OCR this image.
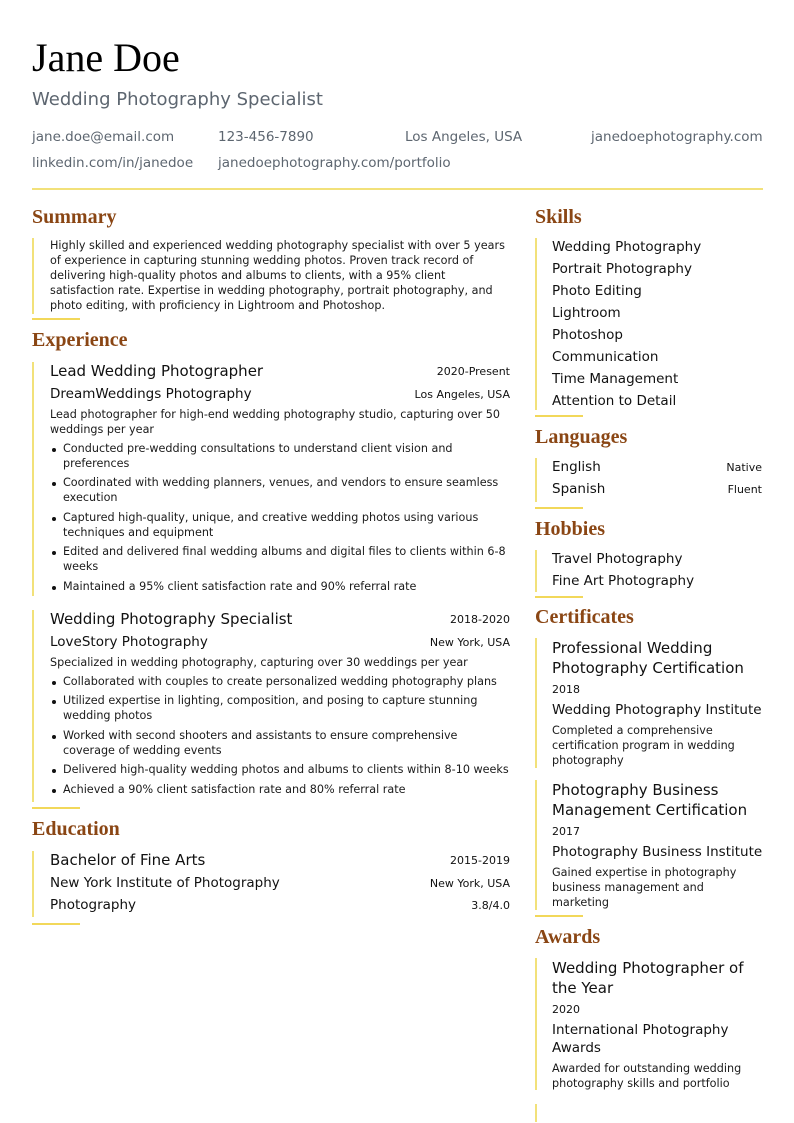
Jane Doe
Wedding Photography Specialist
jane.doe@email.com	123-456-7890	Los Angeles, USA	janedoephotography.com
linkedin.com/in/janedoe janedoephotography.com/portfolio
Summary

Highly skilled and experienced wedding photography specialist with over 5 years of experience in capturing stunning wedding photos. Proven track record of delivering high-quality photos and albums to clients, with a 95% client satisfaction rate. Expertise in wedding photography, portrait photography, and photo editing, with proficiency in Lightroom and Photoshop.

Experience
Lead Wedding Photographer	2020-Present
DreamWeddings Photography	Los Angeles, USA

Lead photographer for high-end wedding photography studio, capturing over 50 weddings per year

Conducted pre-wedding consultations to understand client vision and preferences
Coordinated with wedding planners, venues, and vendors to ensure seamless execution
Captured high-quality, unique, and creative wedding photos using various techniques and equipment
Edited and delivered final wedding albums and digital files to clients within 6-8 weeks
Maintained a 95% client satisfaction rate and 90% referral rate
Wedding Photography Specialist	2018-2020
LoveStory Photography	New York, USA

Specialized in wedding photography, capturing over 30 weddings per year

Collaborated with couples to create personalized wedding photography plans
Utilized expertise in lighting, composition, and posing to capture stunning wedding photos
Worked with second shooters and assistants to ensure comprehensive coverage of wedding events
Delivered high-quality wedding photos and albums to clients within 8-10 weeks
Achieved a 90% client satisfaction rate and 80% referral rate
Education
Bachelor of Fine Arts	2015-2019
New York Institute of Photography	New York, USA
Photography	3.8/4.0
Skills
Wedding Photography
Portrait Photography
Photo Editing
Lightroom
Photoshop
Communication
Time Management
Attention to Detail
Languages
English	Native
Spanish	Fluent
Hobbies
Travel Photography
Fine Art Photography
Certificates
Professional Wedding Photography Certification
2018
Wedding Photography Institute
Completed a comprehensive certification program in wedding photography
Photography Business Management Certification
2017
Photography Business Institute
Gained expertise in photography business management and marketing
Awards
Wedding Photographer of the Year
2020
International Photography Awards
Awarded for outstanding wedding photography skills and portfolio
